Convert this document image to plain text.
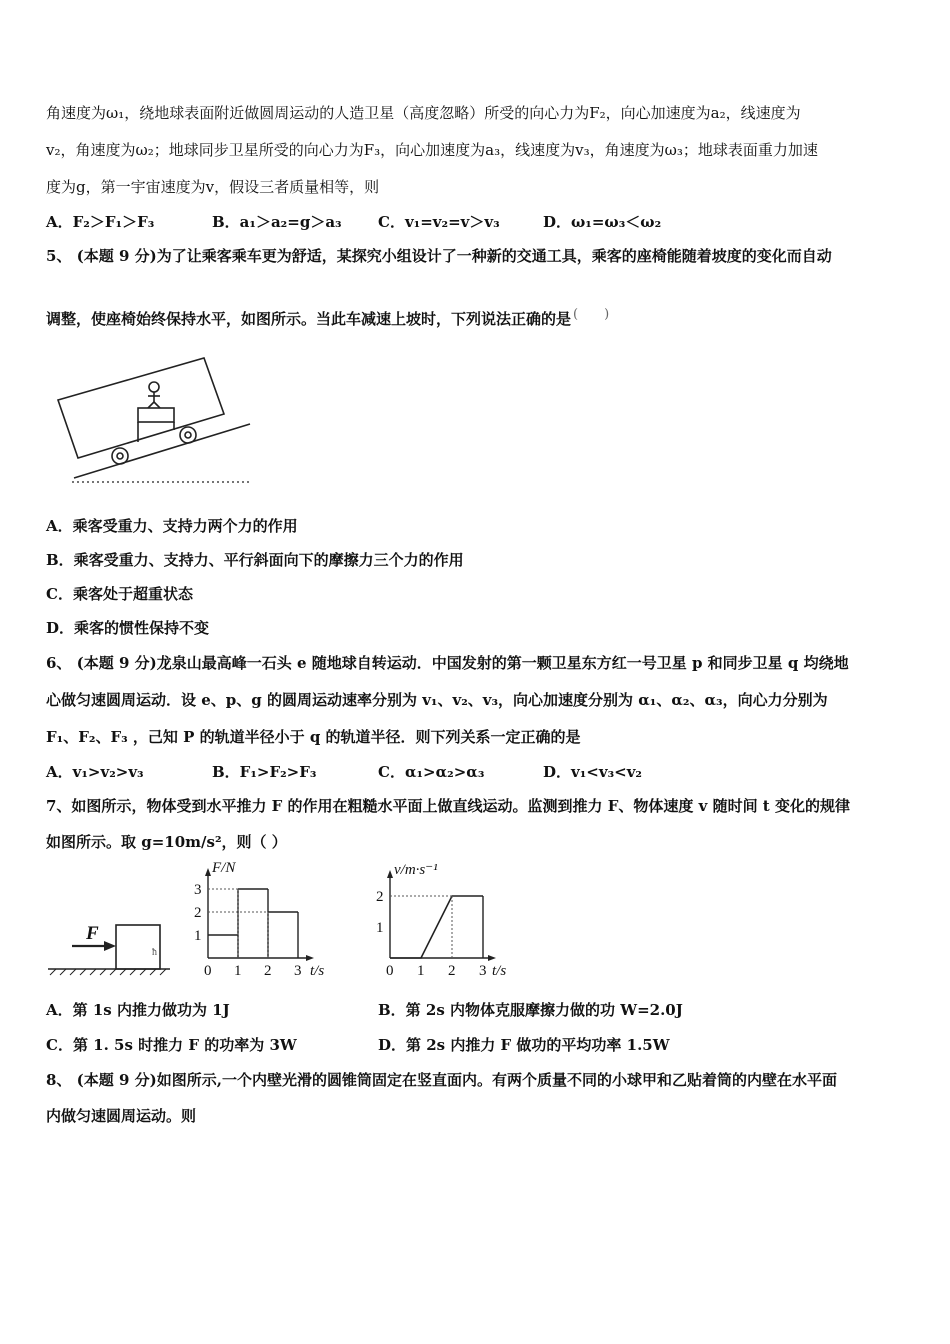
角速度为ω₁，绕地球表面附近做圆周运动的人造卫星（高度忽略）所受的向心力为F₂，向心加速度为a₂，线速度为
v₂，角速度为ω₂；地球同步卫星所受的向心力为F₃，向心加速度为a₃，线速度为v₃，角速度为ω₃；地球表面重力加速
度为g，第一宇宙速度为v，假设三者质量相等，则
A．F₂＞F₁＞F₃	B．a₁＞a₂=g＞a₃ C．v₁=v₂=v＞v₃	D．ω₁=ω₃＜ω₂
5、 (本题 9 分)为了让乘客乘车更为舒适，某探究小组设计了一种新的交通工具，乘客的座椅能随着坡度的变化而自动
调整，使座椅始终保持水平，如图所示。当此车减速上坡时，下列说法正确的是 (　　)
A．乘客受重力、支持力两个力的作用
B．乘客受重力、支持力、平行斜面向下的摩擦力三个力的作用
C．乘客处于超重状态
D．乘客的惯性保持不变
6、 (本题 9 分)龙泉山最高峰一石头 e 随地球自转运动．中国发射的第一颗卫星东方红一号卫星 p 和同步卫星 q 均绕地
心做匀速圆周运动．设 e、p、g 的圆周运动速率分别为 v₁、v₂、v₃，向心加速度分别为 α₁、α₂、α₃，向心力分别为
F₁、F₂、F₃ ，己知 P 的轨道半径小于 q 的轨道半径．则下列关系一定正确的是
A．v₁>v₂>v₃	B．F₁>F₂>F₃	C．α₁>α₂>α₃	D．v₁<v₃<v₂
7、如图所示，物体受到水平推力 F 的作用在粗糙水平面上做直线运动。监测到推力 F、物体速度 v 随时间 t 变化的规律
如图所示。取 g=10m/s²，则（ ）
F
ħ
0 1 2 3
1
2
3
t/s
F/N
0 1 2 3
1
2
t/s
v/m·s⁻¹
A．第 1s 内推力做功为 1J	B．第 2s 内物体克服摩擦力做的功 W=2.0J
C．第 1. 5s 时推力 F 的功率为 3W	D．第 2s 内推力 F 做功的平均功率 1.5W
8、 (本题 9 分)如图所示,一个内壁光滑的圆锥筒固定在竖直面内。有两个质量不同的小球甲和乙贴着筒的内壁在水平面
内做匀速圆周运动。则
